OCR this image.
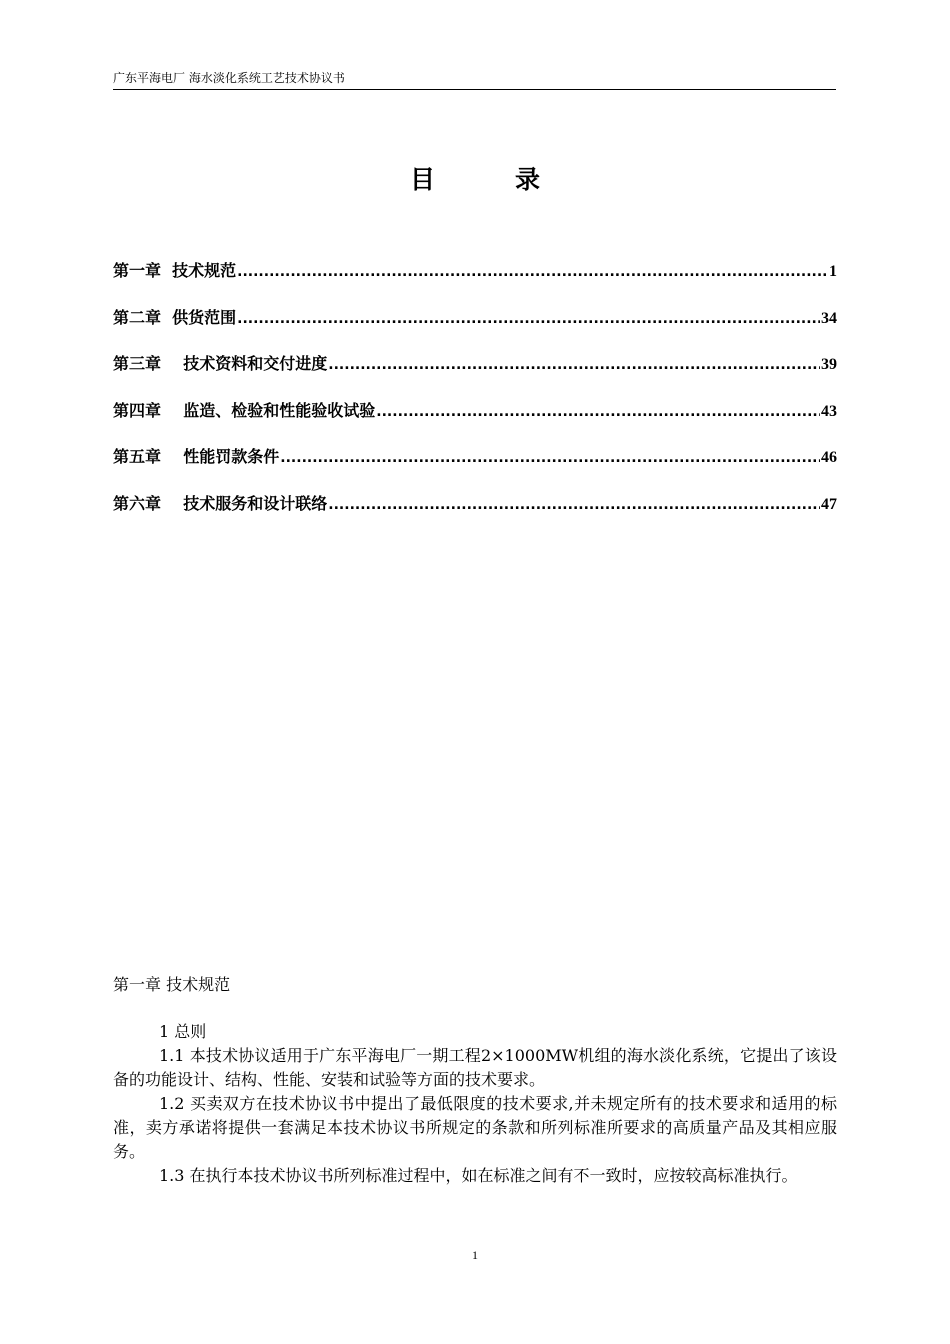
广东平海电厂 海水淡化系统工艺技术协议书
目	录
第一章  技术规范 .....	1
第二章  供货范围 .....	34
第三章    技术资料和交付进度 .....	39
第四章    监造、检验和性能验收试验 .....	43
第五章    性能罚款条件 .....	46
第六章    技术服务和设计联络 .....	47
第一章 技术规范

1 总则

1.1 本技术协议适用于广东平海电厂一期工程2×1000MW机组的海水淡化系统，它提出了该设备的功能设计、结构、性能、安装和试验等方面的技术要求。

1.2 买卖双方在技术协议书中提出了最低限度的技术要求,并未规定所有的技术要求和适用的标准，卖方承诺将提供一套满足本技术协议书所规定的条款和所列标准所要求的高质量产品及其相应服务。

1.3 在执行本技术协议书所列标准过程中，如在标准之间有不一致时，应按较高标准执行。

1
